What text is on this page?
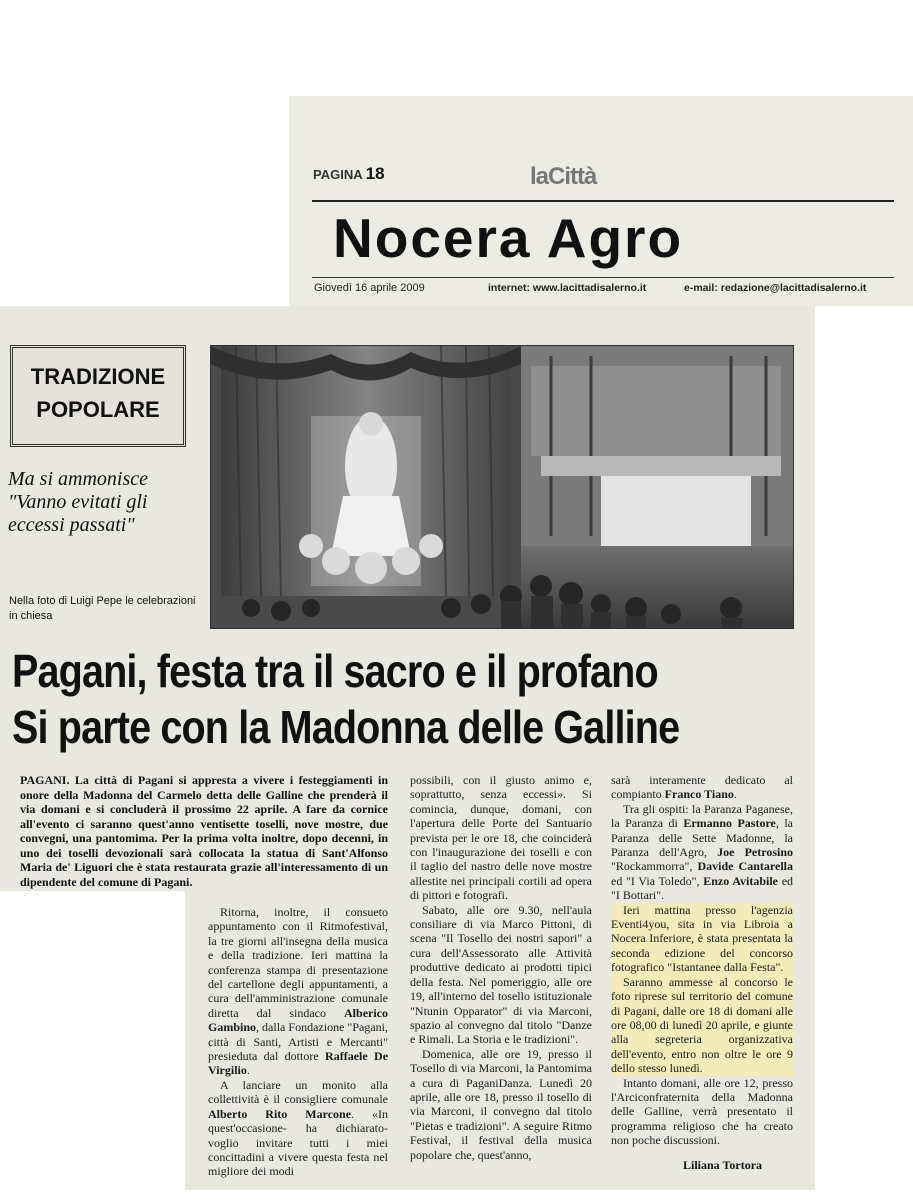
PAGINA 18	laCittà
Nocera Agro
Giovedì 16 aprile 2009	internet: www.lacittadisalerno.it	e-mail: redazione@lacittadisalerno.it
TRADIZIONE
POPOLARE
Ma si ammonisce "Vanno evitati gli eccessi passati"
Nella foto di Luigi Pepe le celebrazioni in chiesa
Pagani, festa tra il sacro e il profano
Si parte con la Madonna delle Galline
PAGANI. La città di Pagani si appresta a vivere i festeggiamenti in onore della Madonna del Carmelo detta delle Galline che prenderà il via domani e si concluderà il prossimo 22 aprile. A fare da cornice all'evento ci saranno quest'anno ventisette toselli, nove mostre, due convegni, una pantomima. Per la prima volta inoltre, dopo decenni, in uno dei toselli devozionali sarà collocata la statua di Sant'Alfonso Maria de' Liguori che è stata restaurata grazie all'interessamento di un dipendente del comune di Pagani.

Ritorna, inoltre, il consueto appuntamento con il Ritmofestival, la tre giorni all'insegna della musica e della tradizione. Ieri mattina la conferenza stampa di presentazione del cartellone degli appuntamenti, a cura dell'amministrazione comunale diretta dal sindaco Alberico Gambino, dalla Fondazione "Pagani, città di Santi, Artisti e Mercanti" presieduta dal dottore Raffaele De Virgilio.

A lanciare un monito alla collettività è il consigliere comunale Alberto Rito Marcone. «In quest'occasione- ha dichiarato- voglio invitare tutti i miei concittadini a vivere questa festa nel migliore dei modi

possibili, con il giusto animo e, soprattutto, senza eccessi». Si comincia, dunque, domani, con l'apertura delle Porte del Santuario prevista per le ore 18, che coinciderà con l'inaugurazione dei toselli e con il taglio del nastro delle nove mostre allestite nei principali cortili ad opera di pittori e fotografi.

Sabato, alle ore 9.30, nell'aula consiliare di via Marco Pittoni, di scena "Il Tosello dei nostri sapori" a cura dell'Assessorato alle Attività produttive dedicato ai prodotti tipici della festa. Nel pomeriggio, alle ore 19, all'interno del tosello istituzionale "Ntunin Opparator" di via Marconi, spazio al convegno dal titolo "Danze e Rimali. La Storia e le tradizioni".

Domenica, alle ore 19, presso il Tosello di via Marconi, la Pantomima a cura di PaganiDanza. Lunedì 20 aprile, alle ore 18, presso il tosello di via Marconi, il convegno dal titolo "Pietas e tradizioni". A seguire Ritmo Festival, il festival della musica popolare che, quest'anno,

sarà interamente dedicato al compianto Franco Tiano.

Tra gli ospiti: la Paranza Paganese, la Paranza di Ermanno Pastore, la Paranza delle Sette Madonne, la Paranza dell'Agro, Joe Petrosino "Rockammorra", Davide Cantarella ed "I Via Toledo", Enzo Avitabile ed "I Bottari".

Ieri mattina presso l'agenzia Eventi4you, sita in via Libroia a Nocera Inferiore, è stata presentata la seconda edizione del concorso fotografico "Istantanee dalla Festa".

Saranno ammesse al concorso le foto riprese sul territorio del comune di Pagani, dalle ore 18 di domani alle ore 08,00 di lunedì 20 aprile, e giunte alla segreteria organizzativa dell'evento, entro non oltre le ore 9 dello stesso lunedì.

Intanto domani, alle ore 12, presso l'Arciconfraternita della Madonna delle Galline, verrà presentato il programma religioso che ha creato non poche discussioni.

Liliana Tortora
